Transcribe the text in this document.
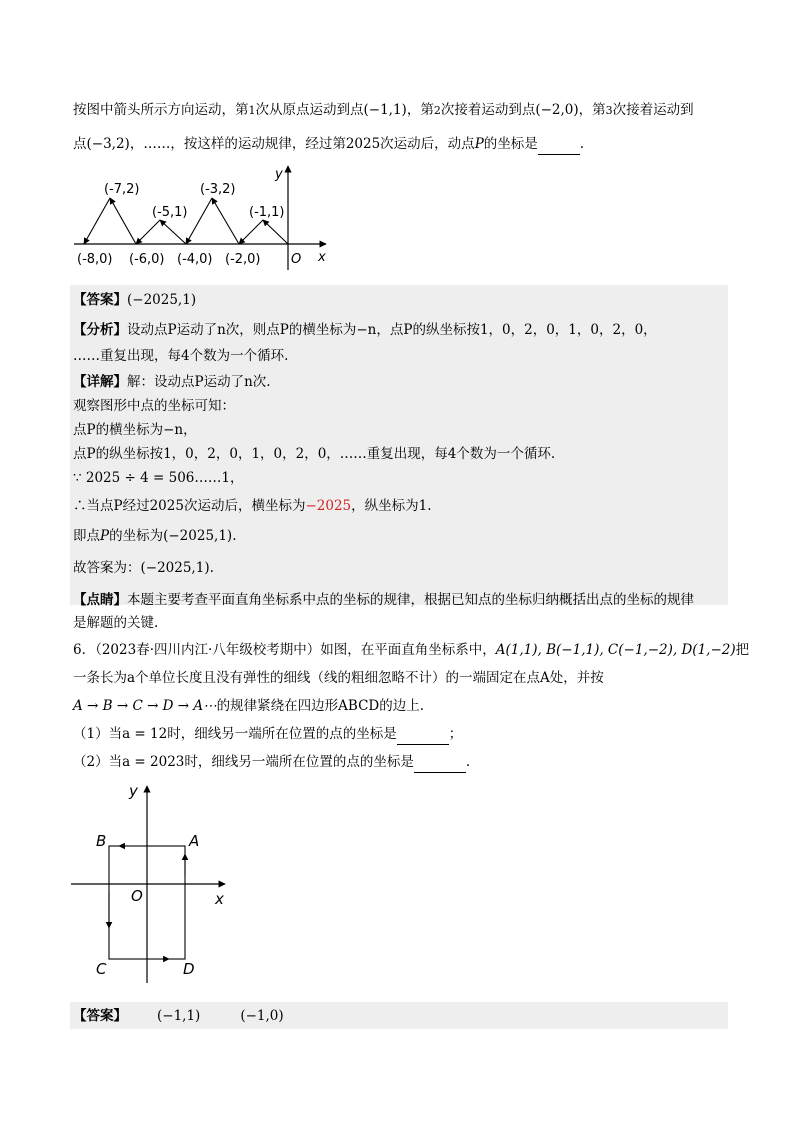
按图中箭头所示方向运动，第1次从原点运动到点(−1,1)，第2次接着运动到点(−2,0)，第3次接着运动到
点(−3,2)，……，按这样的运动规律，经过第2025次运动后，动点P的坐标是	.
(-7,2)	(-3,2)
(-5,1)	(-1,1)
(-8,0) (-6,0) (-4,0) (-2,0) O x
y
【答案】(−2025,1)
【分析】设动点P运动了n次，则点P的横坐标为−n，点P的纵坐标按1，0，2，0，1，0，2，0，
……重复出现，每4个数为一个循环.
【详解】解：设动点P运动了n次.
观察图形中点的坐标可知：
点P的横坐标为−n，
点P的纵坐标按1，0，2，0，1，0，2，0，……重复出现，每4个数为一个循环.
∵ 2025 ÷ 4 = 506……1，
∴当点P经过2025次运动后，横坐标为−2025，纵坐标为1.
即点P的坐标为(−2025,1).
故答案为：(−2025,1).
【点睛】本题主要考查平面直角坐标系中点的坐标的规律，根据已知点的坐标归纳概括出点的坐标的规律
是解题的关键.
6．（2023春·四川内江·八年级校考期中）如图，在平面直角坐标系中，A(1,1), B(−1,1), C(−1,−2), D(1,−2)把
一条长为a个单位长度且没有弹性的细线（线的粗细忽略不计）的一端固定在点A处，并按
A → B → C → D → A⋯的规律紧绕在四边形ABCD的边上.
（1）当a = 12时，细线另一端所在位置的点的坐标是	；
（2）当a = 2023时，细线另一端所在位置的点的坐标是	.
A
B
C	D
O	x
y
【答案】 (−1,1)	(−1,0)
